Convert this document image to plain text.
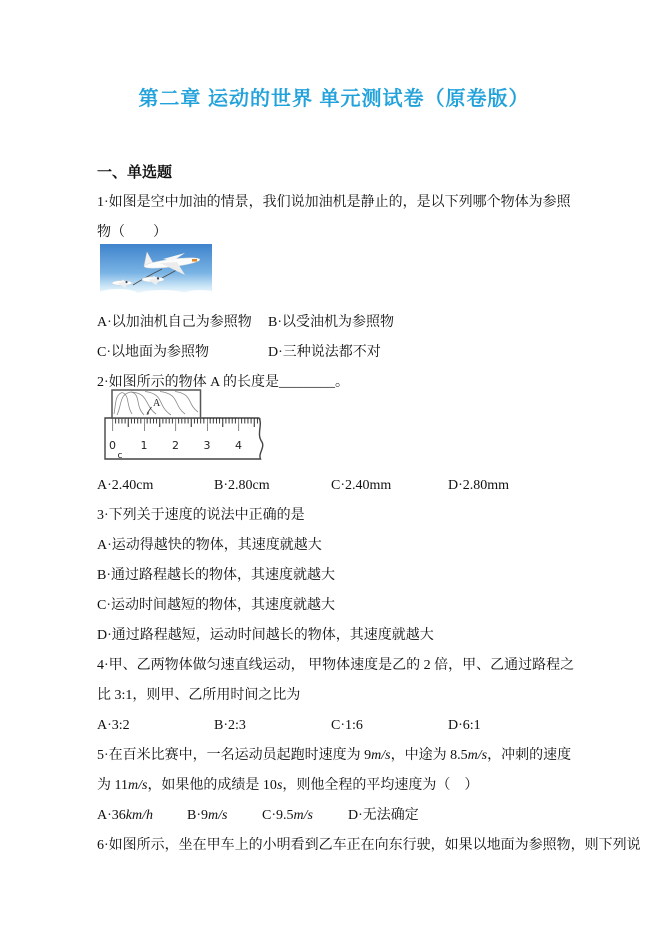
第二章 运动的世界 单元测试卷（原卷版）
一、单选题

1·如图是空中加油的情景，我们说加油机是静止的，是以下列哪个物体为参照

物（　　）

A·以加油机自己为参照物 B·以受油机为参照物
C·以地面为参照物	D·三种说法都不对

2·如图所示的物体 A 的长度是________。

0 1 2 3 4
c
A
A·2.40cm	B·2.80cm	C·2.40mm	D·2.80mm

3·下列关于速度的说法中正确的是

A·运动得越快的物体，其速度就越大

B·通过路程越长的物体，其速度就越大

C·运动时间越短的物体，其速度就越大

D·通过路程越短，运动时间越长的物体，其速度就越大

4·甲、乙两物体做匀速直线运动， 甲物体速度是乙的 2 倍，甲、乙通过路程之

比 3:1，则甲、乙所用时间之比为

A·3:2	B·2:3	C·1:6	D·6:1

5·在百米比赛中，一名运动员起跑时速度为 9m/s，中途为 8.5m/s，冲刺的速度

为 11m/s，如果他的成绩是 10s，则他全程的平均速度为（　）

A·36km/h B·9m/s C·9.5m/s	D·无法确定

6·如图所示，坐在甲车上的小明看到乙车正在向东行驶，如果以地面为参照物，则下列说
